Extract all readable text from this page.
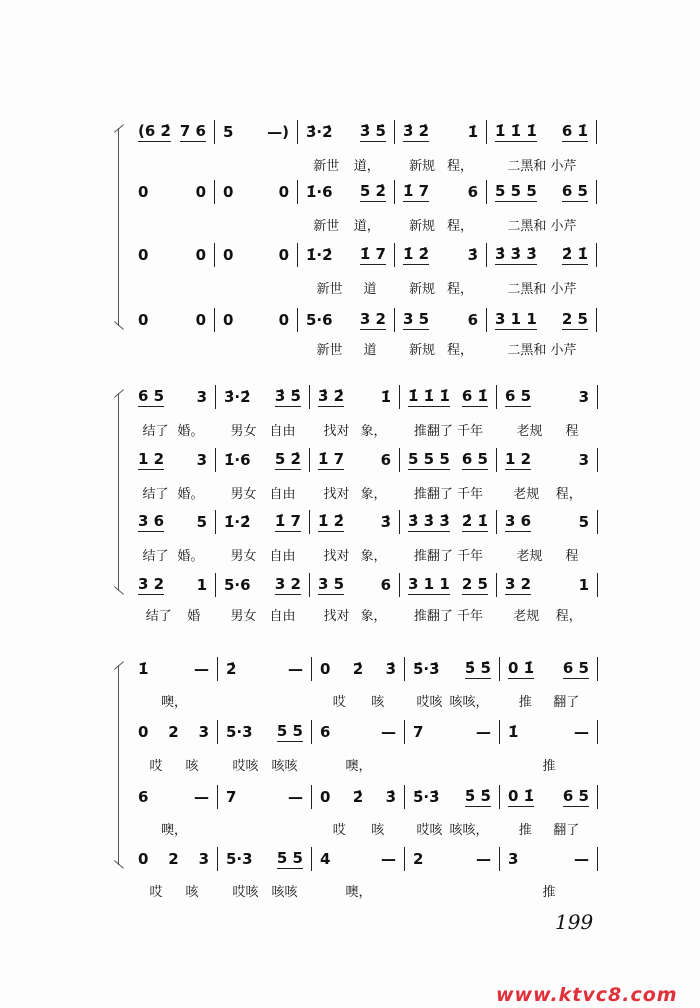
199
www.ktvc8.com
(6 2̇ 7 6 5 —) 3̇·2̇ 3̇ 5̇ 3̇ 2̇	1̇ 1̇ 1̇ 1̇ 6 1̇
新世 道， 新规 程，	二黑和 小芹
0	0 0	0 1̇·6 5 2̇ 1̇ 7	6 5 5 5 6 5
新世 道， 新规 程，	二黑和 小芹
0	0 0	0 1̇·2̇ 1̇ 7 1̇ 2̇	3̇ 3̇ 3̇ 3̇ 2̇ 1̇
新世 道 新规 程，	二黑和 小芹
0	0 0	0 5·6 3 2 3 5	6 3 1 1 2 5
新世 道 新规 程，	二黑和 小芹
6 5 3 3̇·2̇ 3̇ 5̇ 3̇ 2̇ 1̇ 1̇ 1̇ 1̇ 6 1̇ 6 5	3
结了 婚。 男女 自由 找对 象， 推翻了 千年	老规 程
1 2 3 1̇·6 5 2̇ 1̇ 7 6 5 5 5 6 5 1 2	3
结了 婚。 男女 自由 找对 象， 推翻了 千年 老规 程，
3 6 5 1̇·2̇ 1̇ 7 1̇ 2̇ 3̇ 3̇ 3̇ 3̇ 2̇ 1̇ 3 6	5
结了 婚。 男女 自由 找对 象， 推翻了 千年	老规 程
3 2 1 5·6 3 2 3 5 6 3 1 1 2 5 3 2	1
结了 婚 男女 自由 找对 象， 推翻了 千年 老规 程，
1̇	— 2̇	— 0 2̇ 3̇ 5̇·3̇ 5̇ 5̇ 0 1̇ 6 5
噢，	哎 咳 哎咳 咳咳， 推 翻了
0 2 3 5·3 5 5 6	— 7	— 1̇	—
哎 咳	哎咳 咳咳	噢，	推
6	— 7	— 0 2̇ 3̇ 5̇·3̇ 5̇ 5̇ 0 1̇ 6 5
噢，	哎 咳 哎咳 咳咳， 推 翻了
0 2 3 5·3 5 5 4	— 2	— 3	—
哎 咳	哎咳 咳咳	噢，	推
